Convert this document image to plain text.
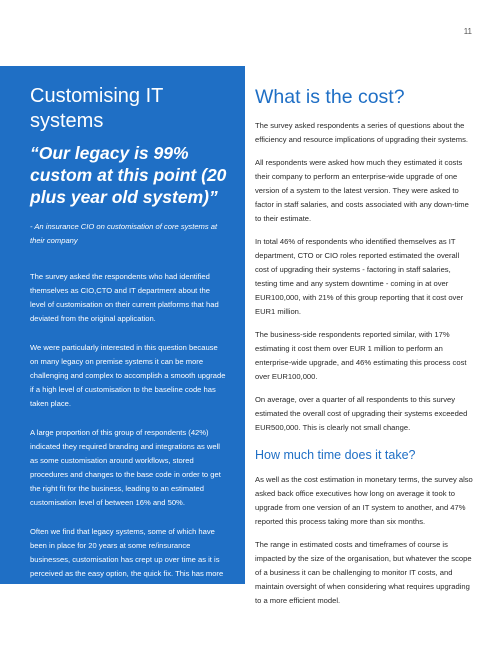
11
Customising IT systems

“Our legacy is 99% custom at this point (20 plus year old system)”

- An insurance CIO on customisation of core systems at their company

The survey asked the respondents who had identified themselves as CIO,CTO and IT department about the level of customisation on their current platforms that had deviated from the original application.

We were particularly interested in this question because on many legacy on premise systems it can be more challenging and complex to accomplish a smooth upgrade if a high level of customisation to the baseline code has taken place.

A large proportion of this group of respondents (42%) indicated they required branding and integrations as well as some customisation around workflows, stored procedures and changes to the base code in order to get the right fit for the business, leading to an estimated customisation level of between 16% and 50%.

Often we find that legacy systems, some of which have been in place for 20 years at some re/insurance businesses, customisation has crept up over time as it is perceived as the easy option, the quick fix. This has more often than not been accompanied by delays to upgrades, more cost, effort and resources required to maintain and upgrade the system, and a higher risk of bugs and glitches.

What is the cost?

The survey asked respondents a series of questions about the efficiency and resource implications of upgrading their systems.

All respondents were asked how much they estimated it costs their company to perform an enterprise-wide upgrade of one version of a system to the latest version. They were asked to factor in staff salaries, and costs associated with any down-time to their estimate.

In total 46% of respondents who identified themselves as IT department, CTO or CIO roles reported estimated the overall cost of upgrading their systems - factoring in staff salaries, testing time and any system downtime - coming in at over EUR100,000, with 21% of this group reporting that it cost over EUR1 million.

The business-side respondents reported similar, with 17% estimating it cost them over EUR 1 million to perform an enterprise-wide upgrade, and 46% estimating this process cost over EUR100,000.

On average, over a quarter of all respondents to this survey estimated the overall cost of upgrading their systems exceeded EUR500,000. This is clearly not small change.

How much time does it take?

As well as the cost estimation in monetary terms, the survey also asked back office executives how long on average it took to upgrade from one version of an IT system to another, and 47% reported this process taking more than six months.

The range in estimated costs and timeframes of course is impacted by the size of the organisation, but whatever the scope of a business it can be challenging to monitor IT costs, and maintain oversight of when considering what requires upgrading to a more efficient model.
